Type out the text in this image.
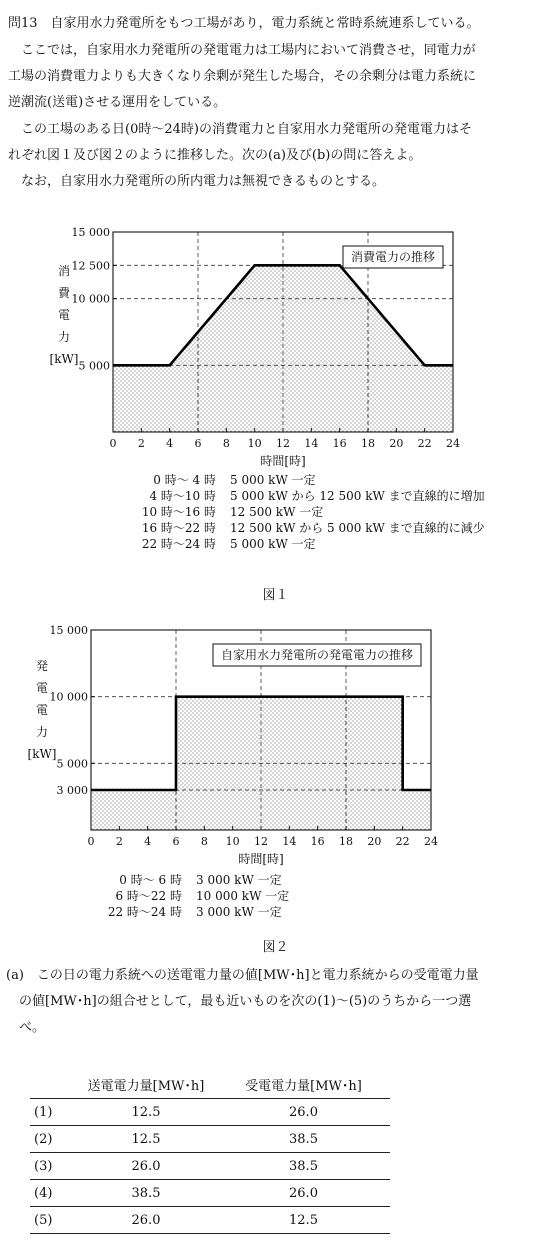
問13　自家用水力発電所をもつ工場があり，電力系統と常時系統連系している。
　ここでは，自家用水力発電所の発電電力は工場内において消費させ，同電力が
工場の消費電力よりも大きくなり余剰が発生した場合，その余剰分は電力系統に
逆潮流(送電)させる運用をしている。
　この工場のある日(0時〜24時)の消費電力と自家用水力発電所の発電電力はそ
れぞれ図１及び図２のように推移した。次の(a)及び(b)の問に答えよ。
　なお，自家用水力発電所の所内電力は無視できるものとする。
0 2 4 6 8 10 12 14 16 18 20 22 24
時間[時]
5 000
10 000
12 500
15 000
消
費
電
力
[kW]
消費電力の推移
0 時〜 4 時 5 000 kW 一定
4 時〜10 時 5 000 kW から 12 500 kW まで直線的に増加
10 時〜16 時 12 500 kW 一定
16 時〜22 時 12 500 kW から 5 000 kW まで直線的に減少
22 時〜24 時 5 000 kW 一定
図１
0 2 4 6 8 10 12 14 16 18 20 22 24
時間[時]
3 000
5 000
10 000
15 000
発
電
電
力
[kW]
自家用水力発電所の発電電力の推移
0 時〜 6 時 3 000 kW 一定
6 時〜22 時 10 000 kW 一定
22 時〜24 時 3 000 kW 一定
図２
(a)　この日の電力系統への送電電力量の値[MW･h]と電力系統からの受電電力量
　の値[MW･h]の組合せとして，最も近いものを次の(1)〜(5)のうちから一つ選
　べ。
	送電電力量[MW･h]	受電電力量[MW･h]
(1)	12.5	26.0
(2)	12.5	38.5
(3)	26.0	38.5
(4)	38.5	26.0
(5)	26.0	12.5
